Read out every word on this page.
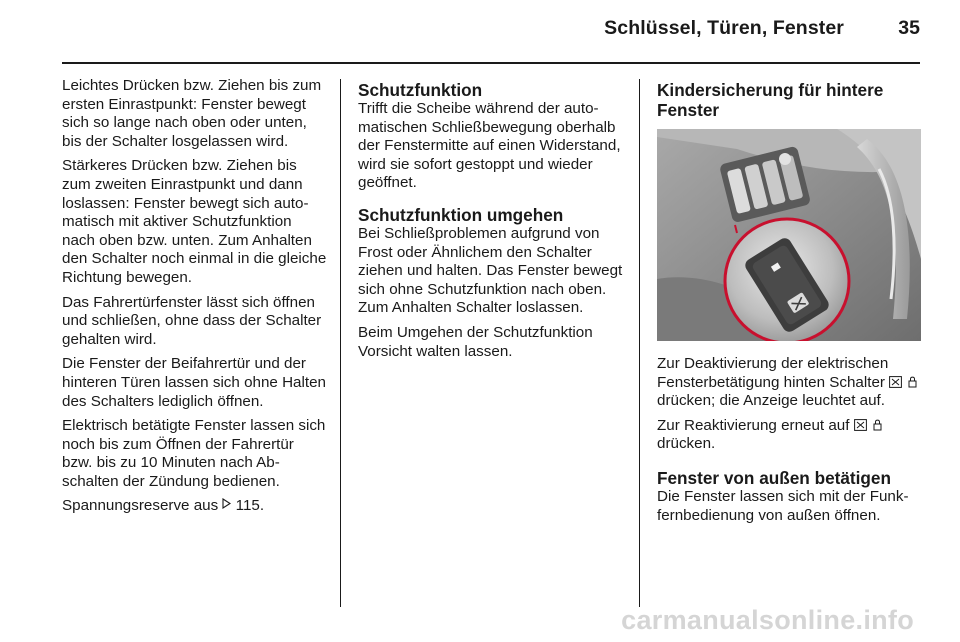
Schlüssel, Türen, Fenster	35

Leichtes Drücken bzw. Ziehen bis zum ersten Einrastpunkt: Fenster bewegt sich so lange nach oben oder unten, bis der Schalter losgelassen wird.

Stärkeres Drücken bzw. Ziehen bis zum zweiten Einrastpunkt und dann loslassen: Fenster bewegt sich automatisch mit aktiver Schutzfunktion nach oben bzw. unten. Zum Anhalten den Schalter noch einmal in die gleiche Richtung bewegen.

Das Fahrertürfenster lässt sich öffnen und schließen, ohne dass der Schalter gehalten wird.

Die Fenster der Beifahrertür und der hinteren Türen lassen sich ohne Halten des Schalters lediglich öffnen.

Elektrisch betätigte Fenster lassen sich noch bis zum Öffnen der Fahrertür bzw. bis zu 10 Minuten nach Abschalten der Zündung bedienen.

Spannungsreserve aus 115.

Schutzfunktion

Trifft die Scheibe während der automatischen Schließbewegung oberhalb der Fenstermitte auf einen Widerstand, wird sie sofort gestoppt und wieder geöffnet.

Schutzfunktion umgehen

Bei Schließproblemen aufgrund von Frost oder Ähnlichem den Schalter ziehen und halten. Das Fenster bewegt sich ohne Schutzfunktion nach oben. Zum Anhalten Schalter loslassen.

Beim Umgehen der Schutzfunktion Vorsicht walten lassen.

Kindersicherung für hintere Fenster

Zur Deaktivierung der elektrischen Fensterbetätigung hinten Schalter   drücken; die Anzeige leuchtet auf.

Zur Reaktivierung erneut auf
drücken.

Fenster von außen betätigen

Die Fenster lassen sich mit der Funkfernbedienung von außen öffnen.

carmanualsonline.info
